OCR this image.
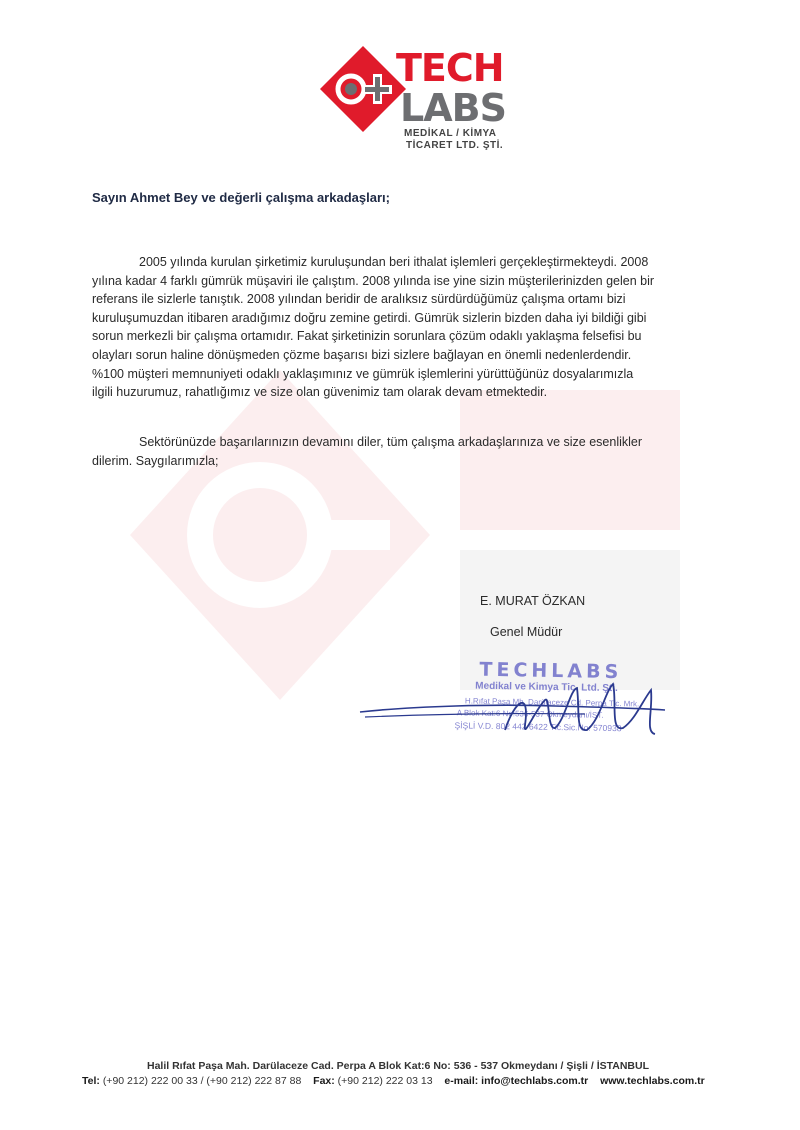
TECH
LABS
MEDİKAL / KİMYA
TİCARET LTD. ŞTİ.
Sayın Ahmet Bey ve değerli çalışma arkadaşları;
2005 yılında kurulan şirketimiz kuruluşundan beri ithalat işlemleri gerçekleştirmekteydi. 2008
yılına kadar 4 farklı gümrük müşaviri ile çalıştım. 2008 yılında ise yine sizin müşterilerinizden gelen bir
referans ile sizlerle tanıştık. 2008 yılından beridir de aralıksız sürdürdüğümüz çalışma ortamı bizi
kuruluşumuzdan itibaren aradığımız doğru zemine getirdi. Gümrük sizlerin bizden daha iyi bildiği gibi
sorun merkezli bir çalışma ortamıdır. Fakat şirketinizin sorunlara çözüm odaklı yaklaşma felsefisi bu
olayları sorun haline dönüşmeden çözme başarısı bizi sizlere bağlayan en önemli nedenlerdendir.
%100 müşteri memnuniyeti odaklı yaklaşımınız ve gümrük işlemlerini yürüttüğünüz dosyalarımızla
ilgili huzurumuz, rahatlığımız ve size olan güvenimiz tam olarak devam etmektedir.
Sektörünüzde başarılarınızın devamını diler, tüm çalışma arkadaşlarınıza ve size esenlikler
dilerim. Saygılarımızla;
E. MURAT ÖZKAN
Genel Müdür
TECHLABS
Medikal ve Kimya Tic. Ltd. Şti.
H.Rıfat Paşa Mh. Darülaceze Cd. Perpa Tic. Mrk.
A Blok Kat:6 No:536-537 Okmeydanı/İST.
ŞİŞLİ V.D. 802 442 6422 Tic.Sic.No: 570938
Halil Rıfat Paşa Mah. Darülaceze Cad. Perpa A Blok Kat:6 No: 536 - 537 Okmeydanı / Şişli / İSTANBUL
Tel: (+90 212) 222 00 33 / (+90 212) 222 87 88 Fax: (+90 212) 222 03 13 e-mail: info@techlabs.com.tr www.techlabs.com.tr
